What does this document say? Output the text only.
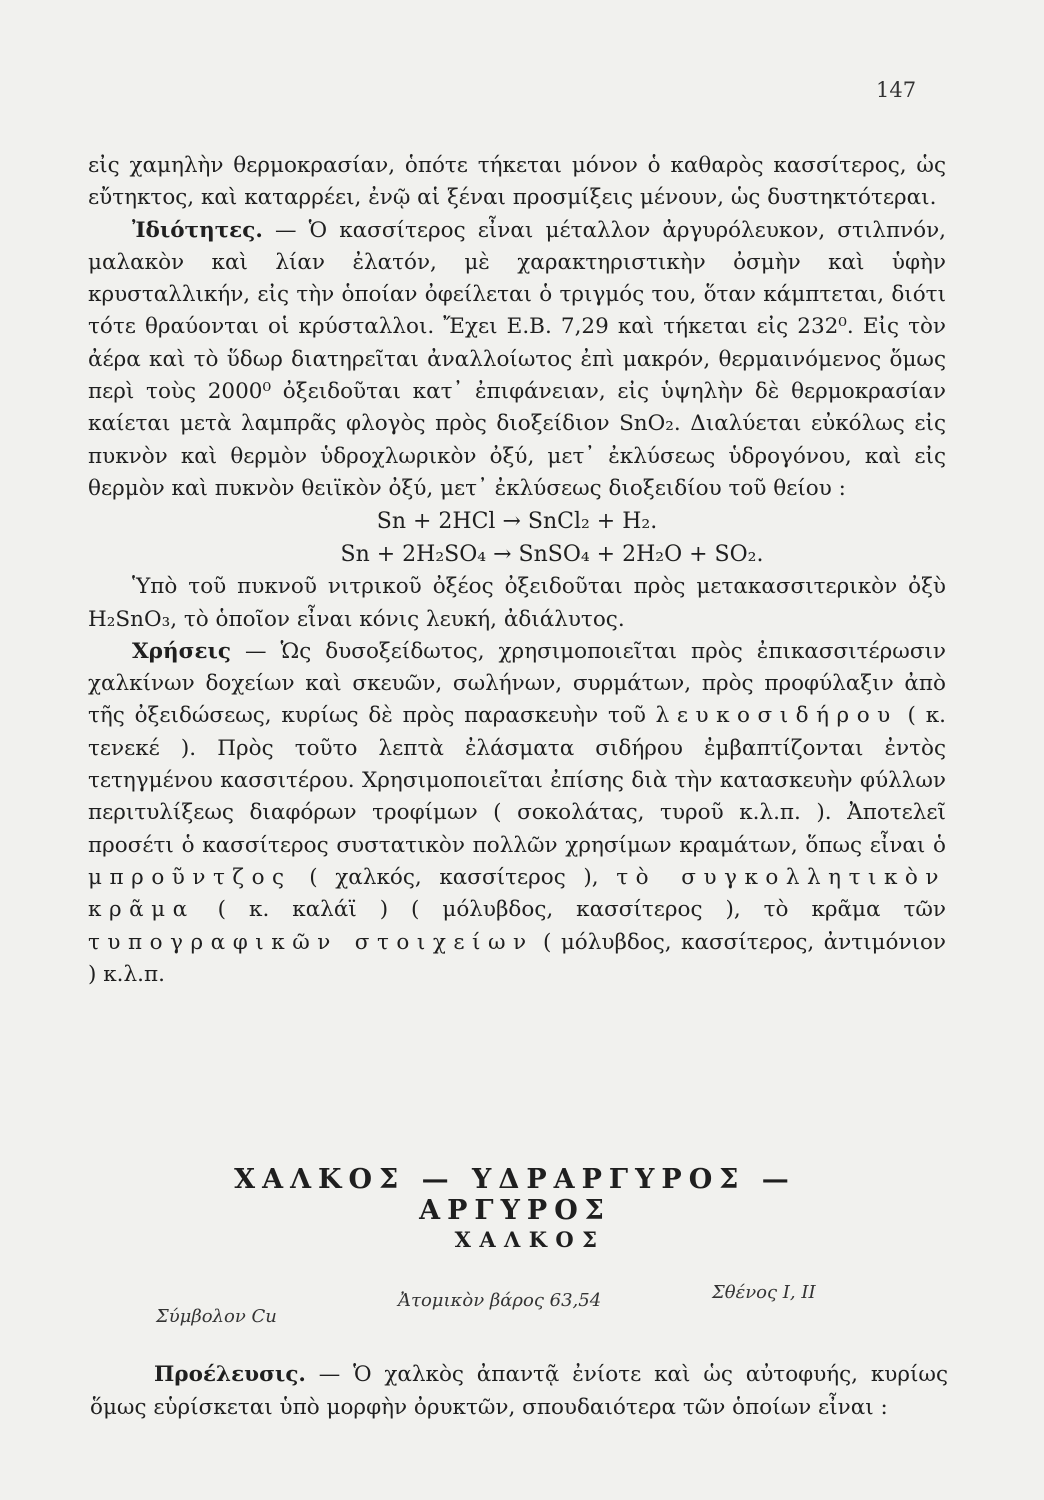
147

εἰς χαμηλὴν θερμοκρασίαν, ὁπότε τήκεται μόνον ὁ καθαρὸς κασσίτερος, ὡς εὔτηκτος, καὶ καταρρέει, ἐνῷ αἱ ξέναι προσμίξεις μένουν, ὡς δυστηκτότεραι.

Ἰδιότητες. — Ὁ κασσίτερος εἶναι μέταλλον ἀργυρόλευκον, στιλπνόν, μαλακὸν καὶ λίαν ἐλατόν, μὲ χαρακτηριστικὴν ὀσμὴν καὶ ὑφὴν κρυσταλλικήν, εἰς τὴν ὁποίαν ὀφείλεται ὁ τριγμός του, ὅταν κάμπτεται, διότι τότε θραύονται οἱ κρύσταλλοι. Ἔχει Ε.Β. 7,29 καὶ τήκεται εἰς 232⁰. Εἰς τὸν ἀέρα καὶ τὸ ὕδωρ διατηρεῖται ἀναλλοίωτος ἐπὶ μακρόν, θερμαινόμενος ὅμως περὶ τοὺς 2000⁰ ὀξειδοῦται κατ᾿ ἐπιφάνειαν, εἰς ὑψηλὴν δὲ θερμοκρασίαν καίεται μετὰ λαμπρᾶς φλογὸς πρὸς διοξείδιον SnO₂. Διαλύεται εὐκόλως εἰς πυκνὸν καὶ θερμὸν ὑδροχλωρικὸν ὀξύ, μετ᾿ ἐκλύσεως ὑδρογόνου, καὶ εἰς θερμὸν καὶ πυκνὸν θειϊκὸν ὀξύ, μετ᾿ ἐκλύσεως διοξειδίου τοῦ θείου :

Sn + 2HCl → SnCl₂ + H₂.

Sn + 2H₂SO₄ → SnSO₄ + 2H₂O + SO₂.

Ὑπὸ τοῦ πυκνοῦ νιτρικοῦ ὀξέος ὀξειδοῦται πρὸς μετακασσιτερικὸν ὀξὺ H₂SnO₃, τὸ ὁποῖον εἶναι κόνις λευκή, ἀδιάλυτος.

Χρήσεις — Ὡς δυσοξείδωτος, χρησιμοποιεῖται πρὸς ἐπικασσιτέρωσιν χαλκίνων δοχείων καὶ σκευῶν, σωλήνων, συρμάτων, πρὸς προφύλαξιν ἀπὸ τῆς ὀξειδώσεως, κυρίως δὲ πρὸς παρασκευὴν τοῦ λευκοσιδήρου ( κ. τενεκέ ). Πρὸς τοῦτο λεπτὰ ἐλάσματα σιδήρου ἐμβαπτίζονται ἐντὸς τετηγμένου κασσιτέρου. Χρησιμοποιεῖται ἐπίσης διὰ τὴν κατασκευὴν φύλλων περιτυλίξεως διαφόρων τροφίμων ( σοκολάτας, τυροῦ κ.λ.π. ). Ἀποτελεῖ προσέτι ὁ κασσίτερος συστατικὸν πολλῶν χρησίμων κραμάτων, ὅπως εἶναι ὁ μπροῦντζος ( χαλκός, κασσίτερος ), τὸ συγκολλητικὸν κρᾶμα ( κ. καλάϊ ) ( μόλυβδος, κασσίτερος ), τὸ κρᾶμα τῶν τυπογραφικῶν στοιχείων ( μόλυβδος, κασσίτερος, ἀντιμόνιον ) κ.λ.π.

ΧΑΛΚΟΣ — ΥΔΡΑΡΓΥΡΟΣ — ΑΡΓΥΡΟΣ
ΧΑΛΚΟΣ
Σύμβολον Cu
Ἀτομικὸν βάρος 63,54	Σθένος I, II

Προέλευσις. — Ὁ χαλκὸς ἀπαντᾷ ἐνίοτε καὶ ὡς αὐτοφυής, κυρίως ὅμως εὑρίσκεται ὑπὸ μορφὴν ὀρυκτῶν, σπουδαιότερα τῶν ὁποίων εἶναι :
